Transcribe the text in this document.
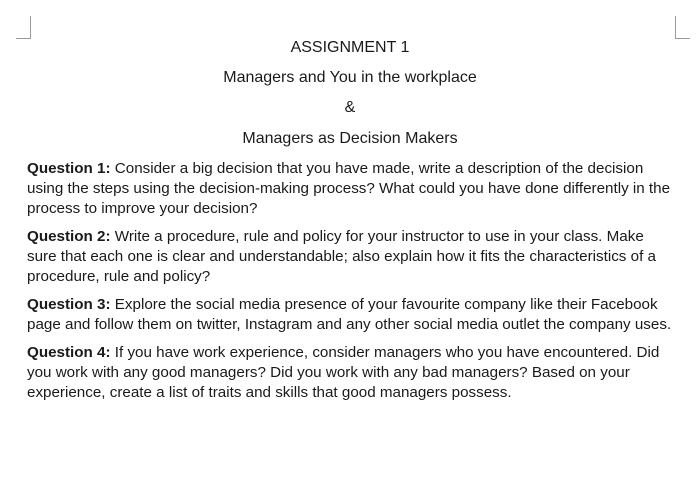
ASSIGNMENT 1
Managers and You in the workplace
&
Managers as Decision Makers

Question 1: Consider a big decision that you have made, write a description of the decision using the steps using the decision-making process? What could you have done differently in the process to improve your decision?

Question 2: Write a procedure, rule and policy for your instructor to use in your class. Make sure that each one is clear and understandable; also explain how it fits the characteristics of a procedure, rule and policy?

Question 3: Explore the social media presence of your favourite company like their Facebook page and follow them on twitter, Instagram and any other social media outlet the company uses.

Question 4: If you have work experience, consider managers who you have encountered. Did you work with any good managers? Did you work with any bad managers? Based on your experience, create a list of traits and skills that good managers possess.
